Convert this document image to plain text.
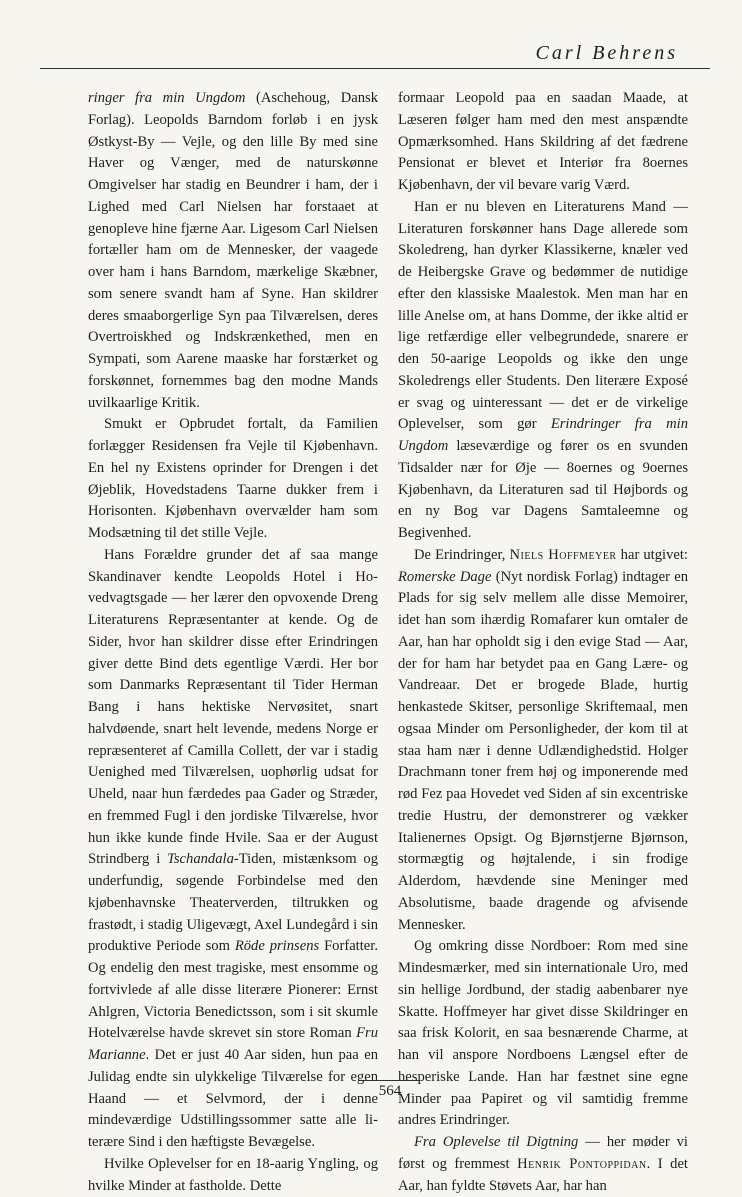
Carl Behrens

ringer fra min Ungdom (Aschehoug, Dansk Forlag). Leopolds Barndom forløb i en jysk Østkyst-By — Vejle, og den lille By med sine Haver og Vænger, med de naturskønne Omgivelser har stadig en Beundrer i ham, der i Lighed med Carl Nielsen har forstaaet at genopleve hine fjærne Aar. Ligesom Carl Nielsen fortæller ham om de Mennesker, der vaagede over ham i hans Barndom, mærkelige Skæbner, som senere svandt ham af Syne. Han skildrer deres smaaborgerlige Syn paa Tilværelsen, deres Overtroiskhed og Indskrænkethed, men en Sympati, som Aarene maaske har forstærket og forskønnet, fornemmes bag den modne Mands uvilkaarlige Kritik.

Smukt er Opbrudet fortalt, da Familien forlægger Residensen fra Vejle til Kjøbenhavn. En hel ny Existens oprinder for Drengen i det Øjeblik, Hovedstadens Taarne dukker frem i Horisonten. Kjøbenhavn overvælder ham som Modsætning til det stille Vejle.

Hans Forældre grunder det af saa mange Skandinaver kendte Leopolds Hotel i Hovedvagtsgade — her lærer den opvoxende Dreng Literaturens Repræsentanter at kende. Og de Sider, hvor han skildrer disse efter Erindringen giver dette Bind dets egentlige Værdi. Her bor som Danmarks Repræsentant til Tider Herman Bang i hans hektiske Nervøsitet, snart halvdøende, snart helt levende, medens Norge er repræsenteret af Camilla Collett, der var i stadig Uenighed med Tilværelsen, uophørlig udsat for Uheld, naar hun færdedes paa Gader og Stræder, en fremmed Fugl i den jordiske Tilværelse, hvor hun ikke kunde finde Hvile. Saa er der August Strindberg i Tschandala-Tiden, mistænksom og underfundig, søgende Forbindelse med den kjøbenhavnske Theaterverden, tiltrukken og frastødt, i stadig Uligevægt, Axel Lundegård i sin produktive Periode som Röde prinsens Forfatter. Og endelig den mest tragiske, mest ensomme og fortvivlede af alle disse literære Pionerer: Ernst Ahlgren, Victoria Benedictsson, som i sit skumle Hotelværelse havde skrevet sin store Roman Fru Marianne. Det er just 40 Aar siden, hun paa en Julidag endte sin ulykkelige Tilværelse for egen Haand — et Selvmord, der i denne mindeværdige Udstillingssommer satte alle literære Sind i den hæftigste Bevægelse.

Hvilke Oplevelser for en 18-aarig Yngling, og hvilke Minder at fastholde. Dette

formaar Leopold paa en saadan Maade, at Læseren følger ham med den mest anspændte Opmærksomhed. Hans Skildring af det fædrene Pensionat er blevet et Interiør fra 8oernes Kjøbenhavn, der vil bevare varig Værd.

Han er nu bleven en Literaturens Mand — Literaturen forskønner hans Dage allerede som Skoledreng, han dyrker Klassikerne, knæler ved de Heibergske Grave og bedømmer de nutidige efter den klassiske Maalestok. Men man har en lille Anelse om, at hans Domme, der ikke altid er lige retfærdige eller velbegrundede, snarere er den 50-aarige Leopolds og ikke den unge Skoledrengs eller Students. Den literære Exposé er svag og uinteressant — det er de virkelige Oplevelser, som gør Erindringer fra min Ungdom læseværdige og fører os en svunden Tidsalder nær for Øje — 8oernes og 9oernes Kjøbenhavn, da Literaturen sad til Højbords og en ny Bog var Dagens Samtaleemne og Begivenhed.

De Erindringer, Niels Hoffmeyer har utgivet: Romerske Dage (Nyt nordisk Forlag) indtager en Plads for sig selv mellem alle disse Memoirer, idet han som ihærdig Romafarer kun omtaler de Aar, han har opholdt sig i den evige Stad — Aar, der for ham har betydet paa en Gang Lære- og Vandreaar. Det er brogede Blade, hurtig henkastede Skitser, personlige Skriftemaal, men ogsaa Minder om Personligheder, der kom til at staa ham nær i denne Udlændighedstid. Holger Drachmann toner frem høj og imponerende med rød Fez paa Hovedet ved Siden af sin excentriske tredie Hustru, der demonstrerer og vækker Italienernes Opsigt. Og Bjørnstjerne Bjørnson, stormægtig og højtalende, i sin frodige Alderdom, hævdende sine Meninger med Absolutisme, baade dragende og afvisende Mennesker.

Og omkring disse Nordboer: Rom med sine Mindesmærker, med sin internationale Uro, med sin hellige Jordbund, der stadig aabenbarer nye Skatte. Hoffmeyer har givet disse Skildringer en saa frisk Kolorit, en saa besnærende Charme, at han vil anspore Nordboens Længsel efter de hesperiske Lande. Han har fæstnet sine egne Minder paa Papiret og vil samtidig fremme andres Erindringer.

Fra Oplevelse til Digtning — her møder vi først og fremmest Henrik Pontoppidan. I det Aar, han fyldte Støvets Aar, har han

564
